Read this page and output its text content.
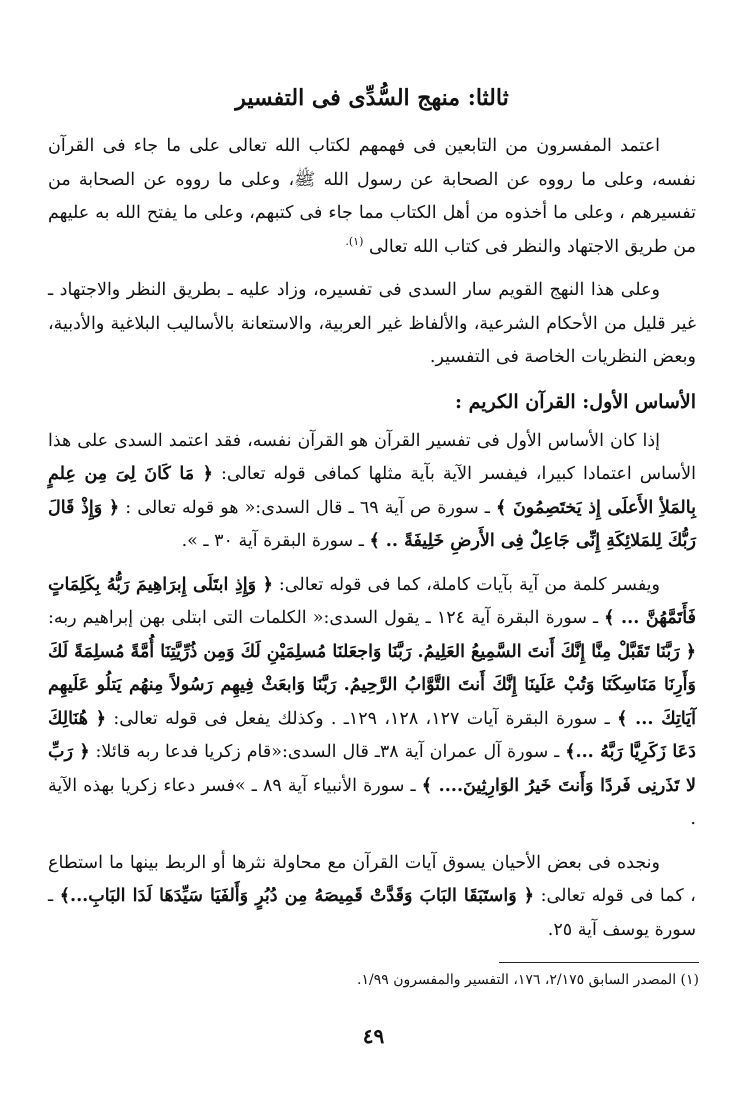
ثالثا: منهج السُّدِّى فى التفسير

اعتمد المفسرون من التابعين فى فهمهم لكتاب الله تعالى على ما جاء فى القرآن نفسه، وعلى ما رووه عن الصحابة عن رسول الله ﷺ، وعلى ما رووه عن الصحابة من تفسيرهم ، وعلى ما أخذوه من أهل الكتاب مما جاء فى كتبهم، وعلى ما يفتح الله به عليهم من طريق الاجتهاد والنظر فى كتاب الله تعالى $^{(١).}$

وعلى هذا النهج القويم سار السدى فى تفسيره، وزاد عليه ـ بطريق النظر والاجتهاد ـ غير قليل من الأحكام الشرعية، والألفاظ غير العربية، والاستعانة بالأساليب البلاغية والأدبية، وبعض النظريات الخاصة فى التفسير.

الأساس الأول: القرآن الكريم :

إذا كان الأساس الأول فى تفسير القرآن هو القرآن نفسه، فقد اعتمد السدى على هذا الأساس اعتمادا كبيرا، فيفسر الآية بآية مثلها كمافى قوله تعالى: ﴿ مَا كَانَ لِىَ مِن عِلمٍ بِالمَلأِ الأَعلَى إِذ يَختَصِمُونَ ﴾ ـ سورة ص آية ٦٩ ـ قال السدى:« هو قوله تعالى : ﴿ وَإِذْ قَالَ رَبُّكَ لِلمَلائِكَةِ إِنِّى جَاعِلٌ فِى الأَرضِ خَلِيفَةً .. ﴾ ـ سورة البقرة آية ٣٠ ـ ».

ويفسر كلمة من آية بآيات كاملة، كما فى قوله تعالى: ﴿ وَإِذِ ابتَلَى إِبرَاهِيمَ رَبُّهُ بِكَلِمَاتٍ فَأَتَمَّهُنَّ ... ﴾ ـ سورة البقرة آية ١٢٤ ـ يقول السدى:« الكلمات التى ابتلى بهن إبراهيم ربه: ﴿ رَبَّنَا تَقَبَّلْ مِنَّا إِنَّكَ أَنتَ السَّمِيعُ العَلِيمُ. رَبَّنَا وَاجعَلنَا مُسلِمَيْنِ لَكَ وَمِن ذُرِّيَّتِنَا أُمَّةً مُسلِمَةً لَكَ وَأَرِنَا مَنَاسِكَنَا وَتُبْ عَلَينَا إِنَّكَ أَنتَ التَّوَّابُ الرَّحِيمُ. رَبَّنَا وَابعَثْ فِيهِم رَسُولاً مِنهُم يَتلُو عَلَيهِم آيَاتِكَ ... ﴾ ـ سورة البقرة آيات ١٢٧، ١٢٨، ١٢٩ـ . وكذلك يفعل فى قوله تعالى: ﴿ هُنَالِكَ دَعَا زَكَرِيَّا رَبَّهُ ...﴾ ـ سورة آل عمران آية ٣٨ـ قال السدى:«قام زكريا فدعا ربه قائلا: ﴿ رَبِّ لا تَذَرنِى فَردًا وَأَنتَ خَيرُ الوَارِثِينَ.... ﴾ ـ سورة الأنبياء آية ٨٩ ـ »فسر دعاء زكريا بهذه الآية .

ونجده فى بعض الأحيان يسوق آيات القرآن مع محاولة نثرها أو الربط بينها ما استطاع ، كما فى قوله تعالى: ﴿ وَاستَبَقَا البَابَ وَقَدَّتْ قَمِيصَهُ مِن دُبُرٍ وَأَلفَيَا سَيِّدَهَا لَدَا البَابِ...﴾ ـ سورة يوسف آية ٢٥.

(١) المصدر السابق ٢/١٧٥، ١٧٦، التفسير والمفسرون ١/٩٩.
٤٩
